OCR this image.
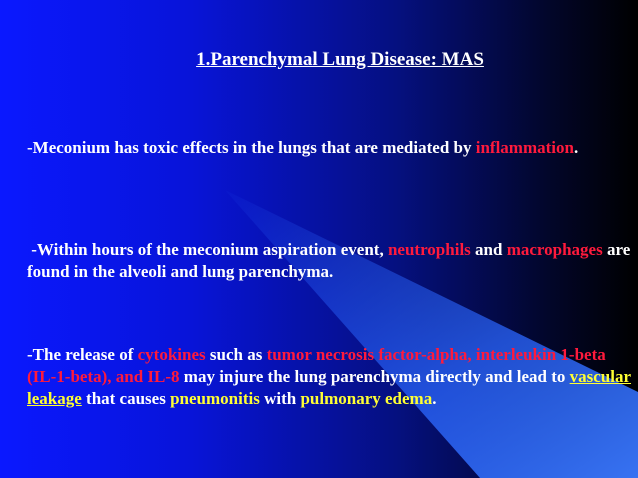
1.Parenchymal Lung Disease: MAS
-Meconium has toxic effects in the lungs that are mediated by inflammation.
-Within hours of the meconium aspiration event, neutrophils and macrophages are found in the alveoli and lung parenchyma.
-The release of cytokines such as tumor necrosis factor-alpha, interleukin 1-beta (IL-1-beta), and IL-8 may injure the lung parenchyma directly and lead to vascular leakage that causes pneumonitis with pulmonary edema.
